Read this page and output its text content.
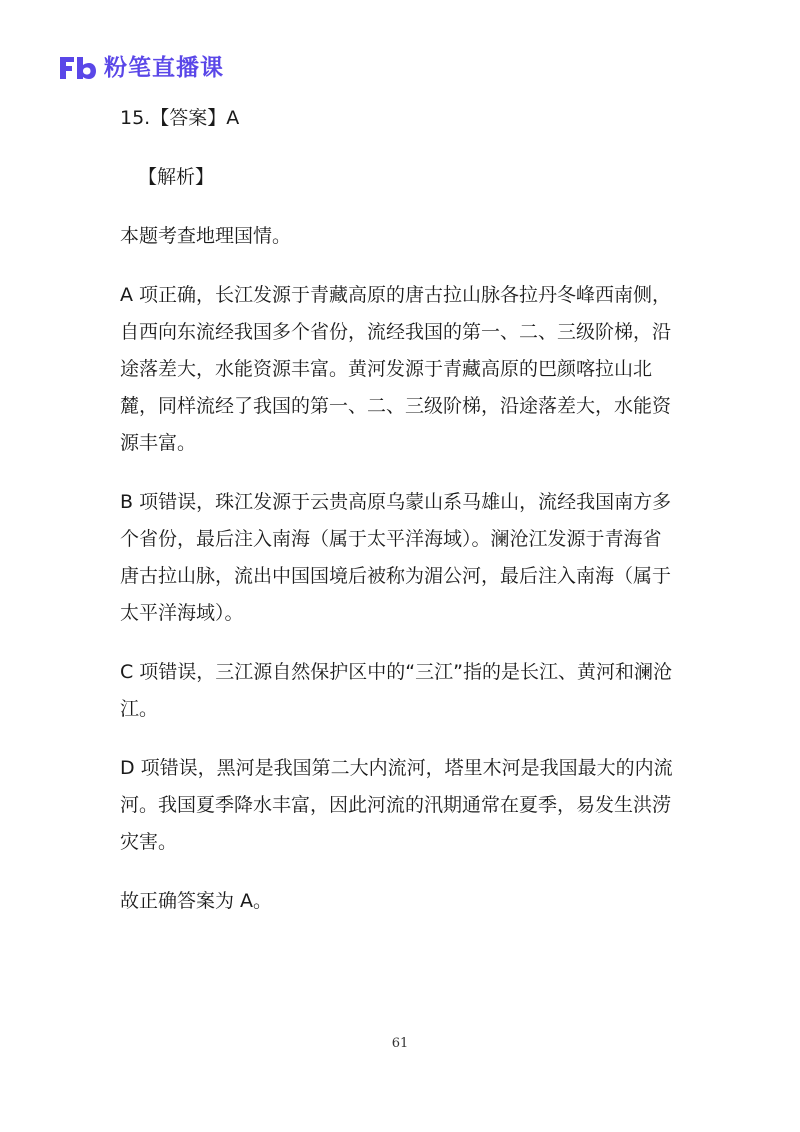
粉笔直播课

15.【答案】A

【解析】

本题考查地理国情。

A 项正确，长江发源于青藏高原的唐古拉山脉各拉丹冬峰西南侧，自西向东流经我国多个省份，流经我国的第一、二、三级阶梯，沿途落差大，水能资源丰富。黄河发源于青藏高原的巴颜喀拉山北麓，同样流经了我国的第一、二、三级阶梯，沿途落差大，水能资源丰富。

B 项错误，珠江发源于云贵高原乌蒙山系马雄山，流经我国南方多个省份，最后注入南海（属于太平洋海域）。澜沧江发源于青海省唐古拉山脉，流出中国国境后被称为湄公河，最后注入南海（属于太平洋海域）。

C 项错误，三江源自然保护区中的“三江”指的是长江、黄河和澜沧江。

D 项错误，黑河是我国第二大内流河，塔里木河是我国最大的内流河。我国夏季降水丰富，因此河流的汛期通常在夏季，易发生洪涝灾害。

故正确答案为 A。

61
